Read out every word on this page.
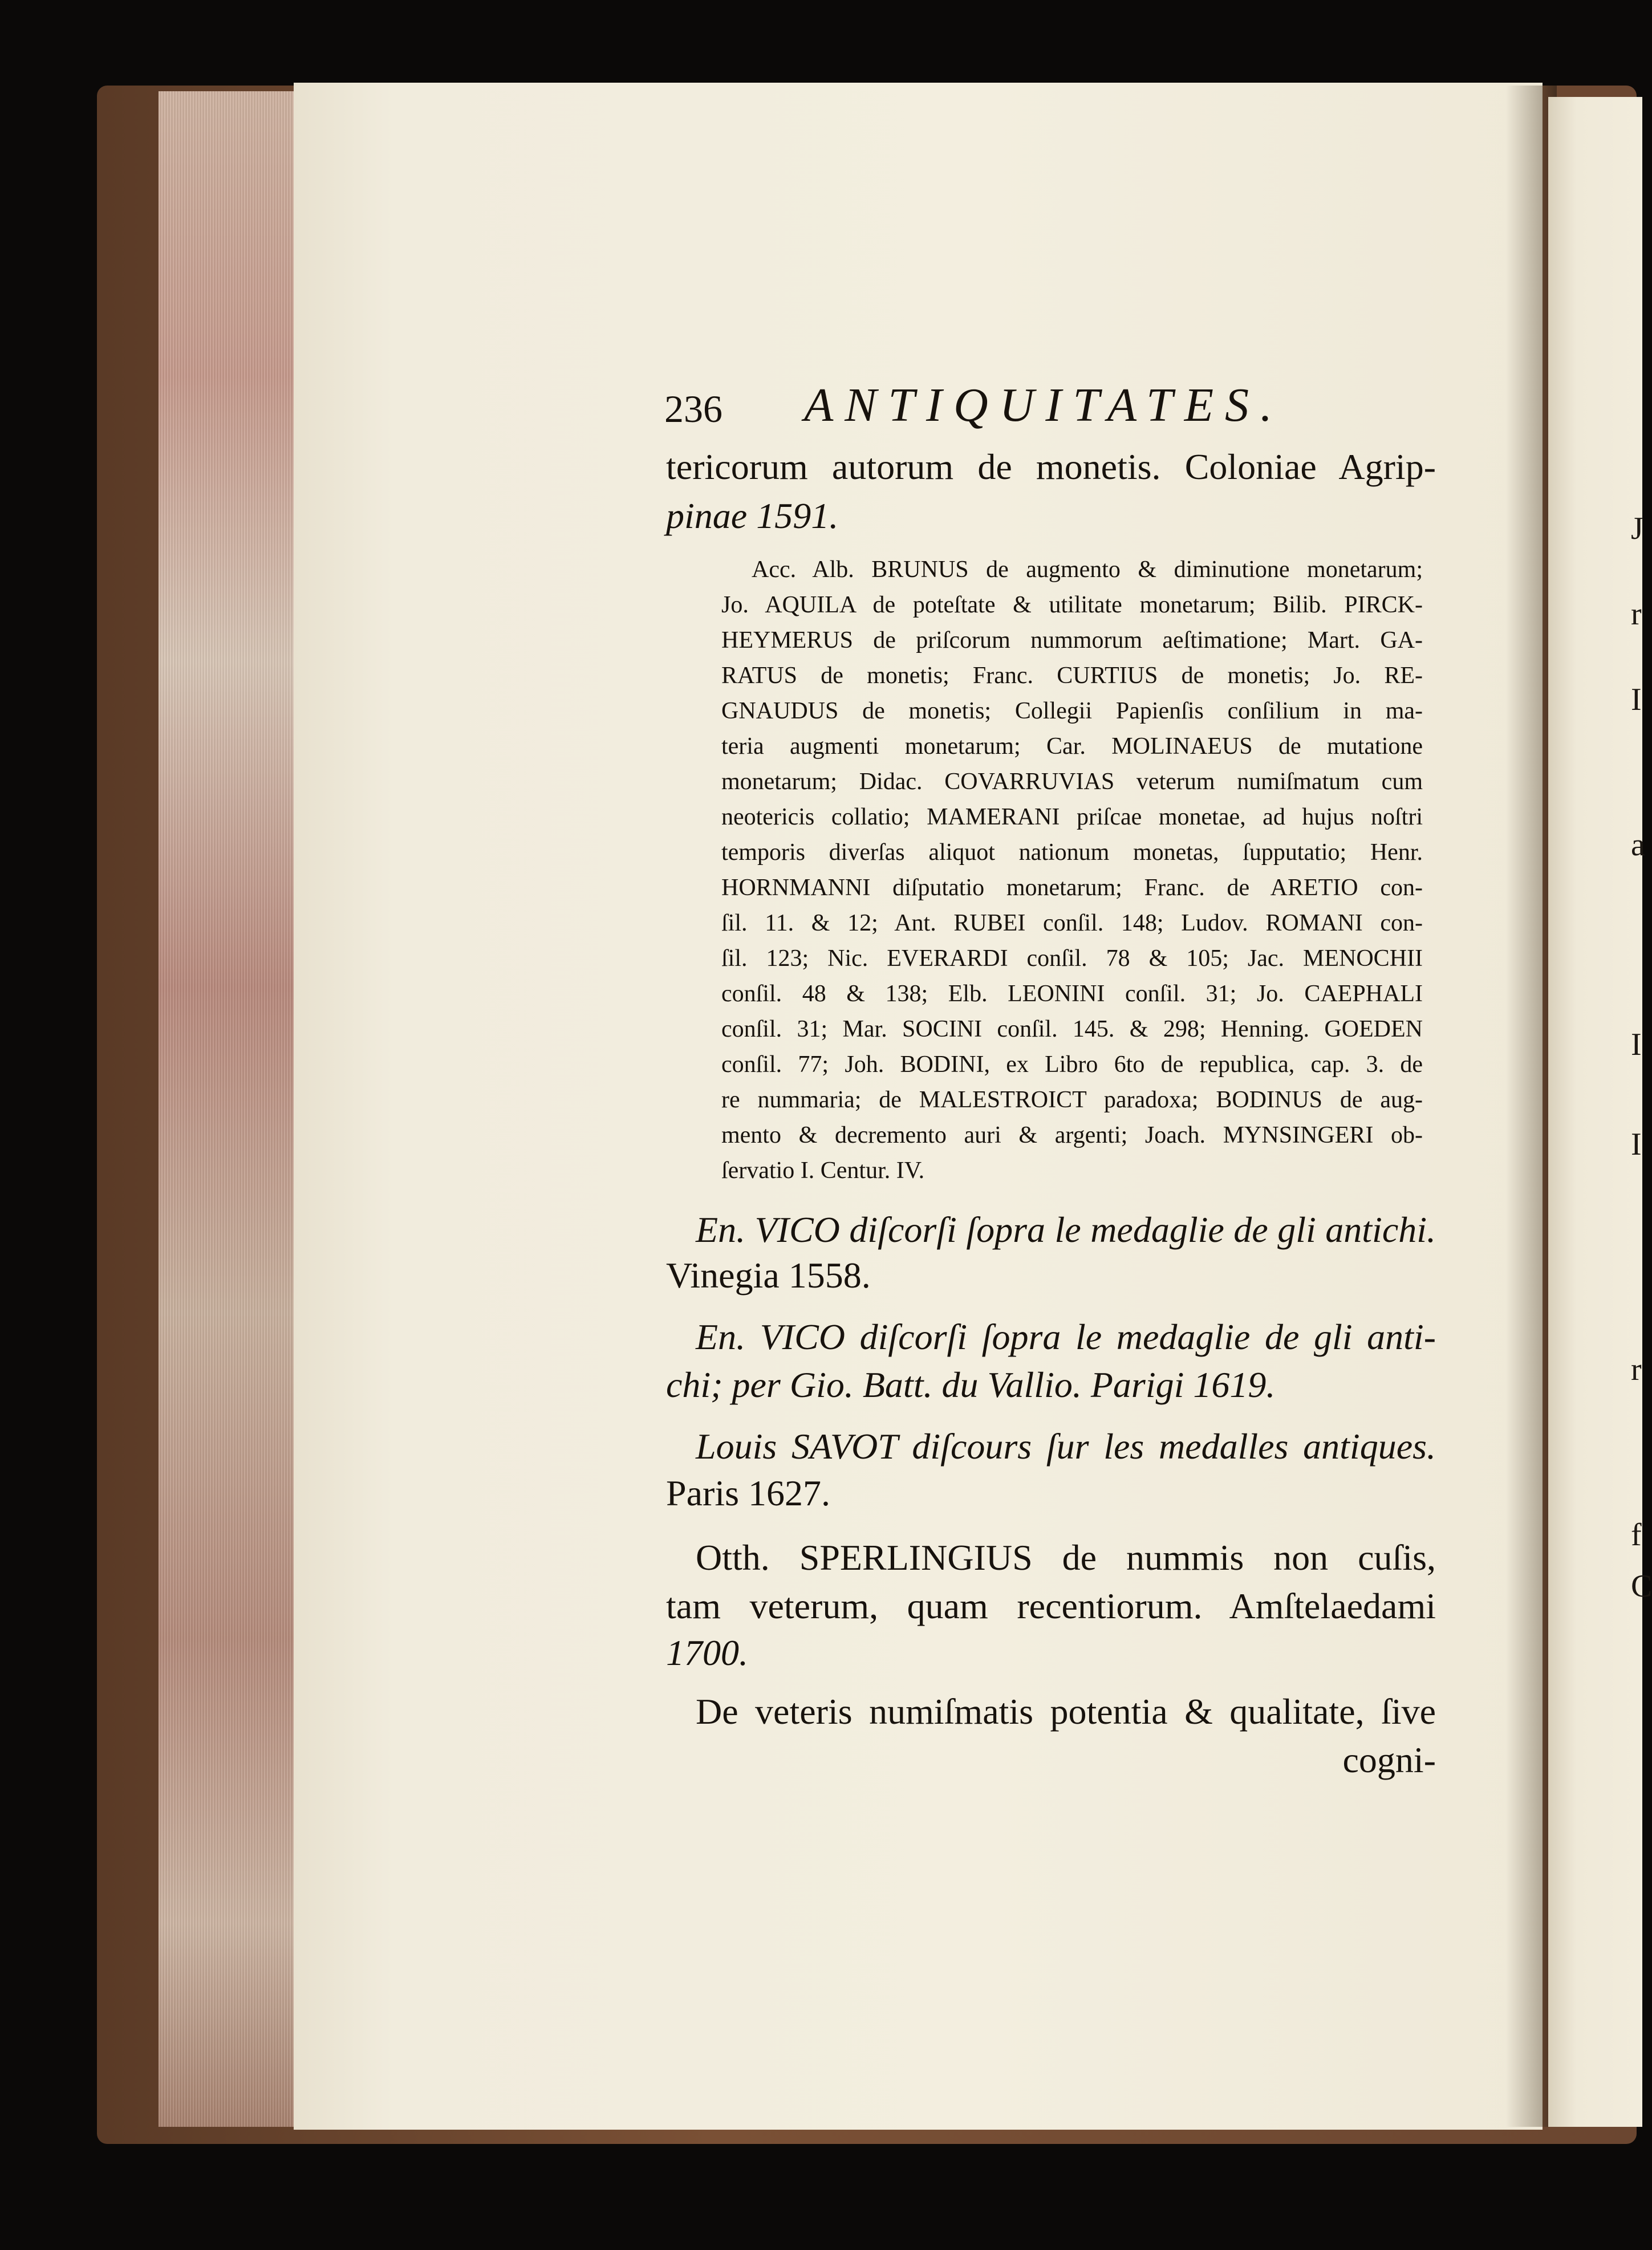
J
r
I
a
I
I
r
f
C
236 ANTIQUITATES.
tericorum autorum de monetis. Coloniae Agrip-
pinae 1591.
Acc. Alb. BRUNUS de augmento & diminutione monetarum;
Jo. AQUILA de poteſtate & utilitate monetarum; Bilib. PIRCK-
HEYMERUS de priſcorum nummorum aeſtimatione; Mart. GA-
RATUS de monetis; Franc. CURTIUS de monetis; Jo. RE-
GNAUDUS de monetis; Collegii Papienſis conſilium in ma-
teria augmenti monetarum; Car. MOLINAEUS de mutatione
monetarum; Didac. COVARRUVIAS veterum numiſmatum cum
neotericis collatio; MAMERANI priſcae monetae, ad hujus noſtri
temporis diverſas aliquot nationum monetas, ſupputatio; Henr.
HORNMANNI diſputatio monetarum; Franc. de ARETIO con-
ſil. 11. & 12; Ant. RUBEI conſil. 148; Ludov. ROMANI con-
ſil. 123; Nic. EVERARDI conſil. 78 & 105; Jac. MENOCHII
conſil. 48 & 138; Elb. LEONINI conſil. 31; Jo. CAEPHALI
conſil. 31; Mar. SOCINI conſil. 145. & 298; Henning. GOEDEN
conſil. 77; Joh. BODINI, ex Libro 6to de republica, cap. 3. de
re nummaria; de MALESTROICT paradoxa; BODINUS de aug-
mento & decremento auri & argenti; Joach. MYNSINGERI ob-
ſervatio I. Centur. IV.
En. VICO diſcorſi ſopra le medaglie de gli antichi.
Vinegia 1558.
En. VICO diſcorſi ſopra le medaglie de gli anti-
chi; per Gio. Batt. du Vallio. Parigi 1619.
Louis SAVOT diſcours ſur les medalles antiques.
Paris 1627.
Otth. SPERLINGIUS de nummis non cuſis,
tam veterum, quam recentiorum. Amſtelaedami
1700.
De veteris numiſmatis potentia & qualitate, ſive
cogni-
